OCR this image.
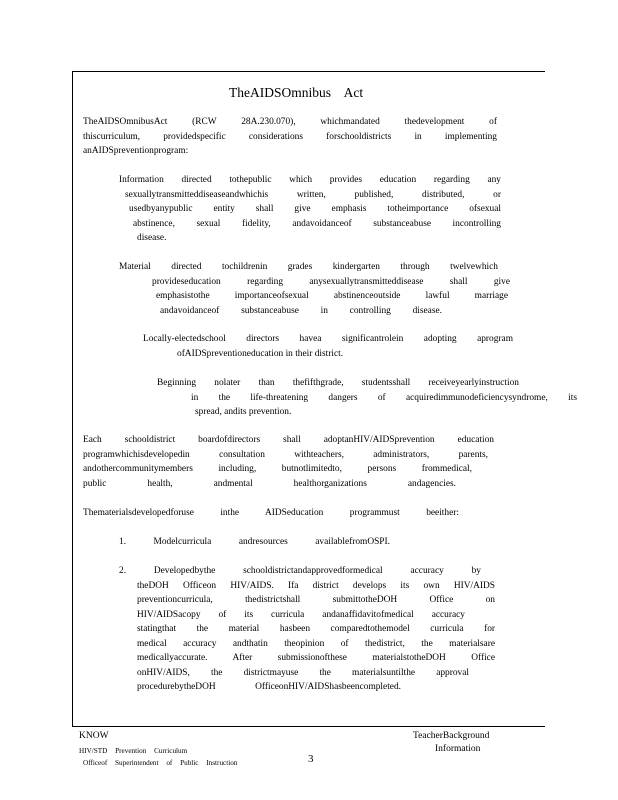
TheAIDSOmnibus Act
TheAIDSOmnibusAct (RCW 28A.230.070), whichmandated thedevelopment of
thiscurriculum, providedspecific considerations forschooldistricts in implementing
anAIDSpreventionprogram:
Information directed tothepublic which provides education regarding any
sexuallytransmitteddiseaseandwhichis written, published, distributed, or
usedbyanypublic entity shall give emphasis totheimportance ofsexual
abstinence, sexual fidelity, andavoidanceof substanceabuse incontrolling
disease.
Material directed tochildrenin grades kindergarten through twelvewhich
provideseducation regarding anysexuallytransmitteddisease shall give
emphasistothe importanceofsexual abstinenceoutside lawful marriage
andavoidanceof substanceabuse in controlling disease.
Locally-electedschool directors havea significantrolein adopting aprogram
ofAIDSpreventioneducation in their district.
Beginning nolater than thefifthgrade, studentsshall receiveyearlyinstruction
in the life-threatening dangers of acquiredimmunodeficiencysyndrome, its
spread, andits prevention.
Each schooldistrict boardofdirectors shall adoptanHIV/AIDSprevention education
programwhichisdevelopedin consultation withteachers, administrators, parents,
andothercommunitymembers including, butnotlimitedto, persons frommedical,
public health, andmental healthorganizations andagencies.
Thematerialsdevelopedforuse inthe AIDSeducation programmust beeither:
1. Modelcurricula andresources availablefromOSPI.
2. Developedbythe schooldistrictandapprovedformedical accuracy by
theDOH Officeon HIV/AIDS. Ifa district develops its own HIV/AIDS
preventioncurricula, thedistrictshall submittotheDOH Office on
HIV/AIDSacopy of its curricula andanaffidavitofmedical accuracy
statingthat the material hasbeen comparedtothemodel curricula for
medical accuracy andthatin theopinion of thedistrict, the materialsare
medicallyaccurate. After submissionofthese materialstotheDOH Office
onHIV/AIDS, the districtmayuse the materialsuntilthe approval
procedurebytheDOH OfficeonHIV/AIDShasbeencompleted.
KNOW
HIV/STD Prevention Curriculum
Officeof Superintendent of Public Instruction	3
TeacherBackground
Information
